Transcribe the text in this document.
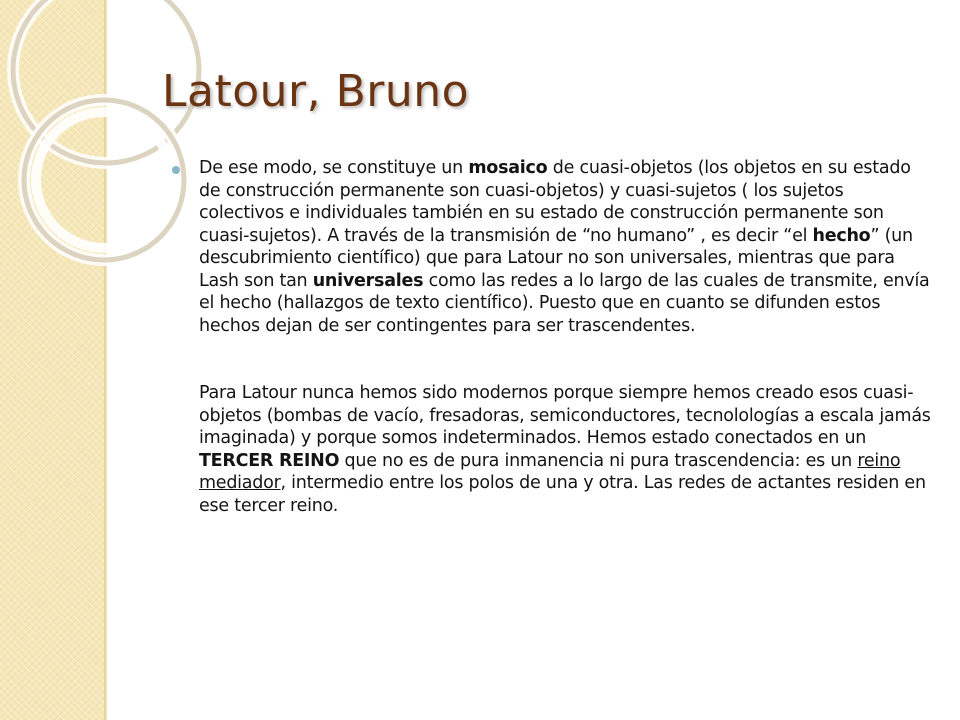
Latour, Bruno

De ese modo, se constituye un mosaico de cuasi-objetos (los objetos en su estado de construcción permanente son cuasi-objetos) y cuasi-sujetos ( los sujetos colectivos e individuales también en su estado de construcción permanente son cuasi-sujetos). A través de la transmisión de “no humano” , es decir “el hecho” (un descubrimiento científico) que para Latour no son universales, mientras que para Lash son tan universales como las redes a lo largo de las cuales de transmite, envía el hecho (hallazgos de texto científico). Puesto que en cuanto se difunden estos hechos dejan de ser contingentes para ser trascendentes.

Para Latour nunca hemos sido modernos porque siempre hemos creado esos cuasi-objetos (bombas de vacío, fresadoras, semiconductores, tecnolologías a escala jamás imaginada) y porque somos indeterminados. Hemos estado conectados en un TERCER REINO que no es de pura inmanencia ni pura trascendencia: es un reino mediador, intermedio entre los polos de una y otra. Las redes de actantes residen en ese tercer reino.
